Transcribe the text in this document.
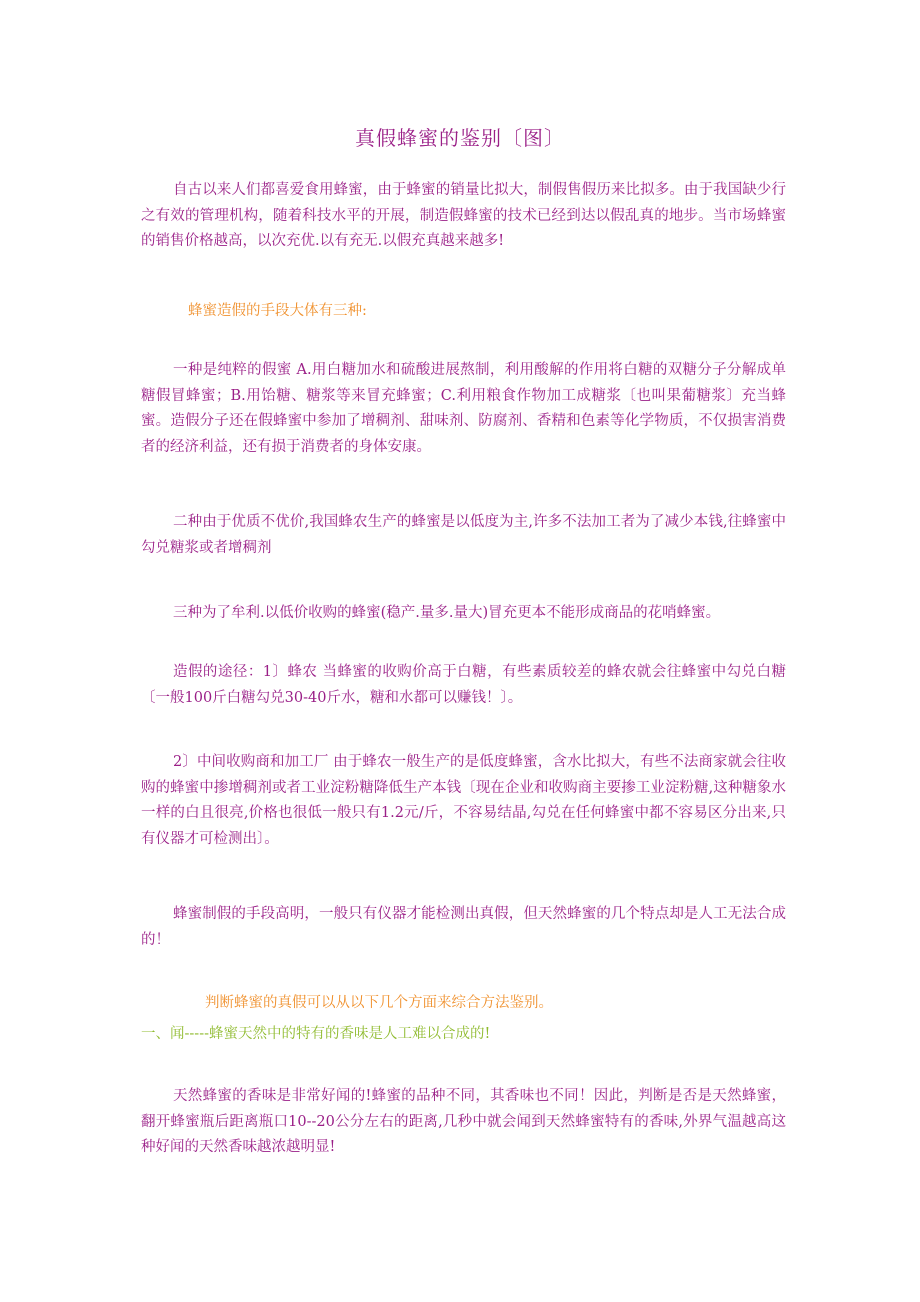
真假蜂蜜的鉴别〔图〕

自古以来人们都喜爱食用蜂蜜，由于蜂蜜的销量比拟大，制假售假历来比拟多。由于我国缺少行之有效的管理机构，随着科技水平的开展，制造假蜂蜜的技术已经到达以假乱真的地步。当市场蜂蜜的销售价格越高，以次充优.以有充无.以假充真越来越多!

蜂蜜造假的手段大体有三种:

一种是纯粹的假蜜 A.用白糖加水和硫酸进展熬制，利用酸解的作用将白糖的双糖分子分解成单糖假冒蜂蜜；B.用饴糖、糖浆等来冒充蜂蜜；C.利用粮食作物加工成糖浆〔也叫果葡糖浆〕充当蜂蜜。造假分子还在假蜂蜜中参加了增稠剂、甜味剂、防腐剂、香精和色素等化学物质，不仅损害消费者的经济利益，还有损于消费者的身体安康。

二种由于优质不优价,我国蜂农生产的蜂蜜是以低度为主,许多不法加工者为了减少本钱,往蜂蜜中勾兑糖浆或者增稠剂

三种为了牟利.以低价收购的蜂蜜(稳产.量多.量大)冒充更本不能形成商品的花哨蜂蜜。

造假的途径：1〕蜂农 当蜂蜜的收购价高于白糖，有些素质较差的蜂农就会往蜂蜜中勾兑白糖〔一般100斤白糖勾兑30-40斤水，糖和水都可以赚钱！〕。

2〕中间收购商和加工厂 由于蜂农一般生产的是低度蜂蜜，含水比拟大，有些不法商家就会往收购的蜂蜜中掺增稠剂或者工业淀粉糖降低生产本钱〔现在企业和收购商主要掺工业淀粉糖,这种糖象水一样的白且很亮,价格也很低一般只有1.2元/斤，不容易结晶,勾兑在任何蜂蜜中都不容易区分出来,只有仪器才可检测出〕。

蜂蜜制假的手段高明，一般只有仪器才能检测出真假，但天然蜂蜜的几个特点却是人工无法合成的！

判断蜂蜜的真假可以从以下几个方面来综合方法鉴别。

一、闻-----蜂蜜天然中的特有的香味是人工难以合成的!

天然蜂蜜的香味是非常好闻的!蜂蜜的品种不同，其香味也不同！因此，判断是否是天然蜂蜜，翻开蜂蜜瓶后距离瓶口10--20公分左右的距离,几秒中就会闻到天然蜂蜜特有的香味,外界气温越高这种好闻的天然香味越浓越明显!
